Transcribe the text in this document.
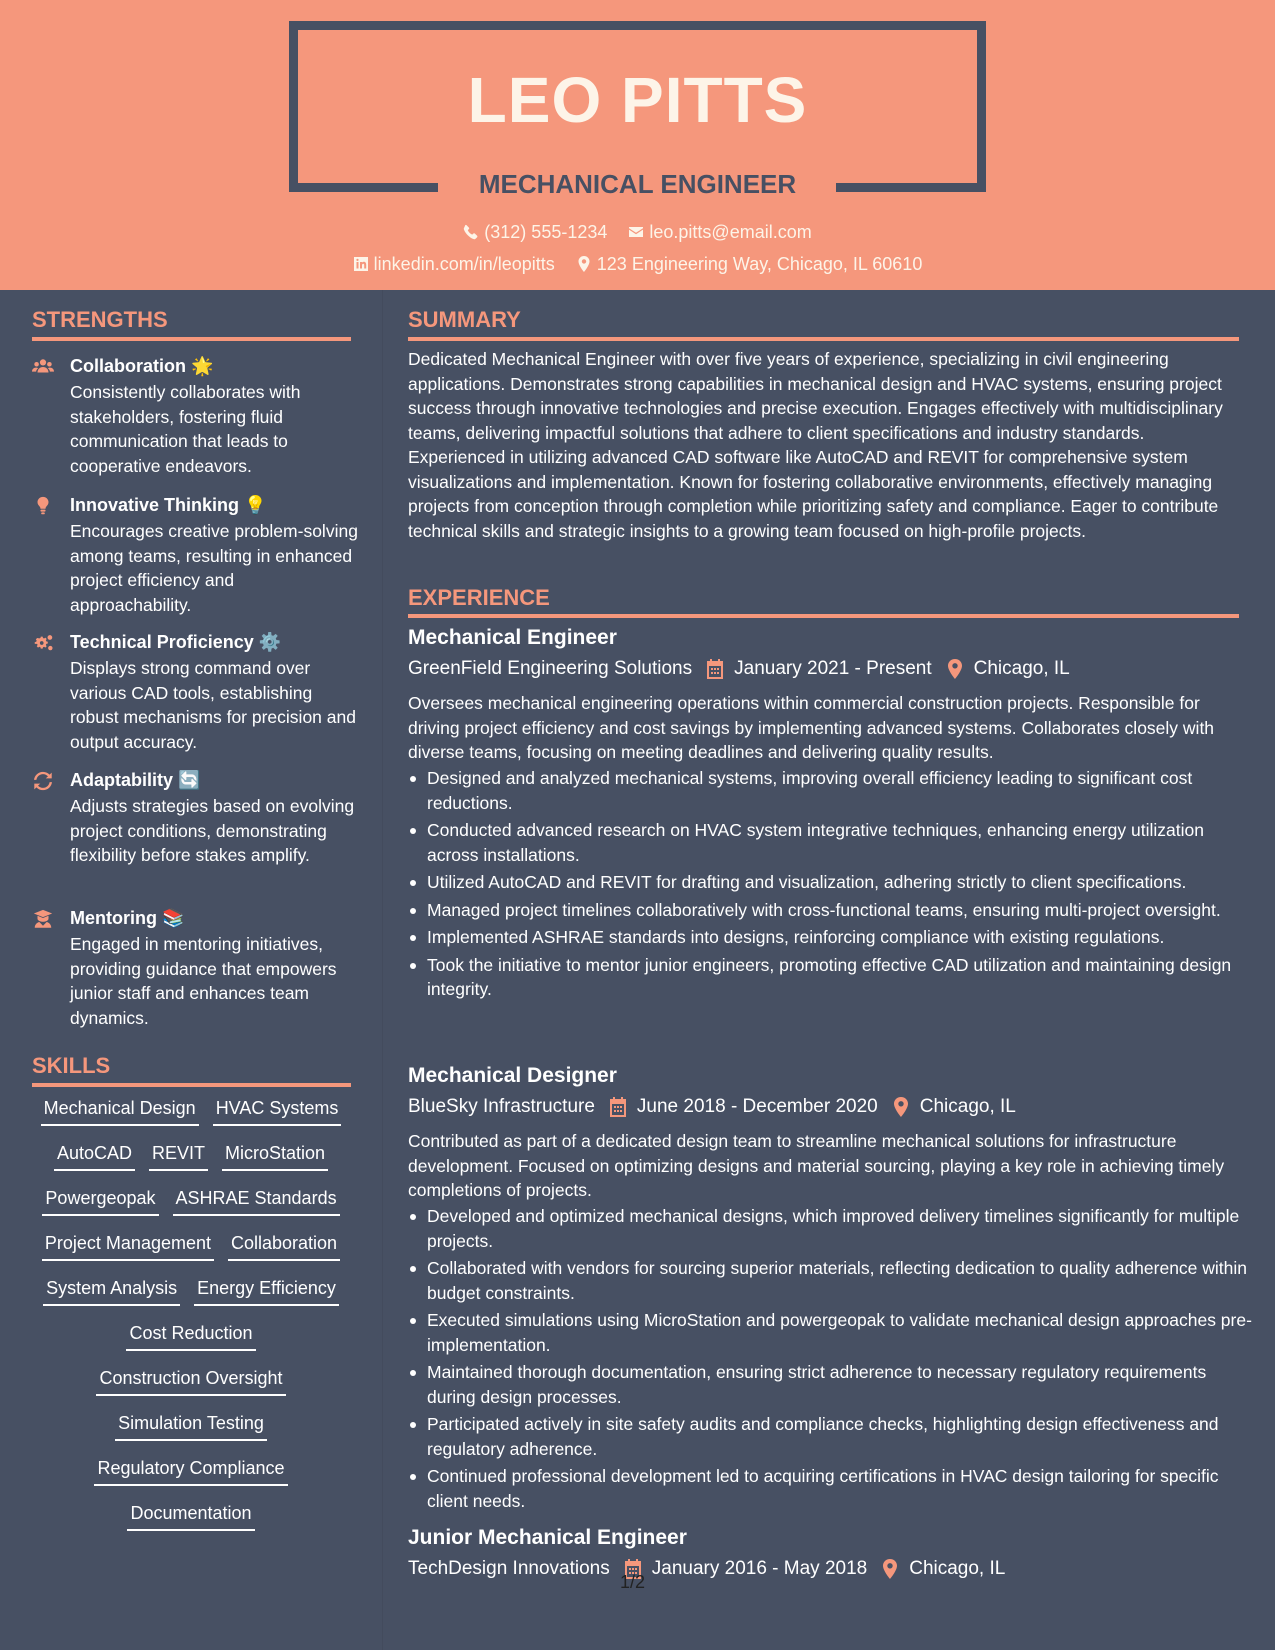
LEO PITTS
MECHANICAL ENGINEER
(312) 555-1234
leo.pitts@email.com
linkedin.com/in/leopitts
123 Engineering Way, Chicago, IL 60610
STRENGTHS
Collaboration 🌟
Consistently collaborates with stakeholders, fostering fluid communication that leads to cooperative endeavors.
Innovative Thinking 💡
Encourages creative problem-solving among teams, resulting in enhanced project efficiency and approachability.
Technical Proficiency ⚙️
Displays strong command over various CAD tools, establishing robust mechanisms for precision and output accuracy.
Adaptability 🔄
Adjusts strategies based on evolving project conditions, demonstrating flexibility before stakes amplify.
Mentoring 📚
Engaged in mentoring initiatives, providing guidance that empowers junior staff and enhances team dynamics.
SKILLS
Mechanical Design HVAC Systems
AutoCAD REVIT MicroStation
Powergeopak ASHRAE Standards
Project Management Collaboration
System Analysis Energy Efficiency
Cost Reduction
Construction Oversight
Simulation Testing
Regulatory Compliance
Documentation
SUMMARY
Dedicated Mechanical Engineer with over five years of experience, specializing in civil engineering applications. Demonstrates strong capabilities in mechanical design and HVAC systems, ensuring project success through innovative technologies and precise execution. Engages effectively with multidisciplinary teams, delivering impactful solutions that adhere to client specifications and industry standards. Experienced in utilizing advanced CAD software like AutoCAD and REVIT for comprehensive system visualizations and implementation. Known for fostering collaborative environments, effectively managing projects from conception through completion while prioritizing safety and compliance. Eager to contribute technical skills and strategic insights to a growing team focused on high-profile projects.
EXPERIENCE
Mechanical Engineer
GreenField Engineering Solutions January 2021 - Present Chicago, IL
Oversees mechanical engineering operations within commercial construction projects. Responsible for driving project efficiency and cost savings by implementing advanced systems. Collaborates closely with diverse teams, focusing on meeting deadlines and delivering quality results.
Designed and analyzed mechanical systems, improving overall efficiency leading to significant cost reductions.
Conducted advanced research on HVAC system integrative techniques, enhancing energy utilization across installations.
Utilized AutoCAD and REVIT for drafting and visualization, adhering strictly to client specifications.
Managed project timelines collaboratively with cross-functional teams, ensuring multi-project oversight.
Implemented ASHRAE standards into designs, reinforcing compliance with existing regulations.
Took the initiative to mentor junior engineers, promoting effective CAD utilization and maintaining design integrity.
Mechanical Designer
BlueSky Infrastructure June 2018 - December 2020 Chicago, IL
Contributed as part of a dedicated design team to streamline mechanical solutions for infrastructure development. Focused on optimizing designs and material sourcing, playing a key role in achieving timely completions of projects.
Developed and optimized mechanical designs, which improved delivery timelines significantly for multiple projects.
Collaborated with vendors for sourcing superior materials, reflecting dedication to quality adherence within budget constraints.
Executed simulations using MicroStation and powergeopak to validate mechanical design approaches pre-implementation.
Maintained thorough documentation, ensuring strict adherence to necessary regulatory requirements during design processes.
Participated actively in site safety audits and compliance checks, highlighting design effectiveness and regulatory adherence.
Continued professional development led to acquiring certifications in HVAC design tailoring for specific client needs.
Junior Mechanical Engineer
TechDesign Innovations January 2016 - May 2018 Chicago, IL
1/2
